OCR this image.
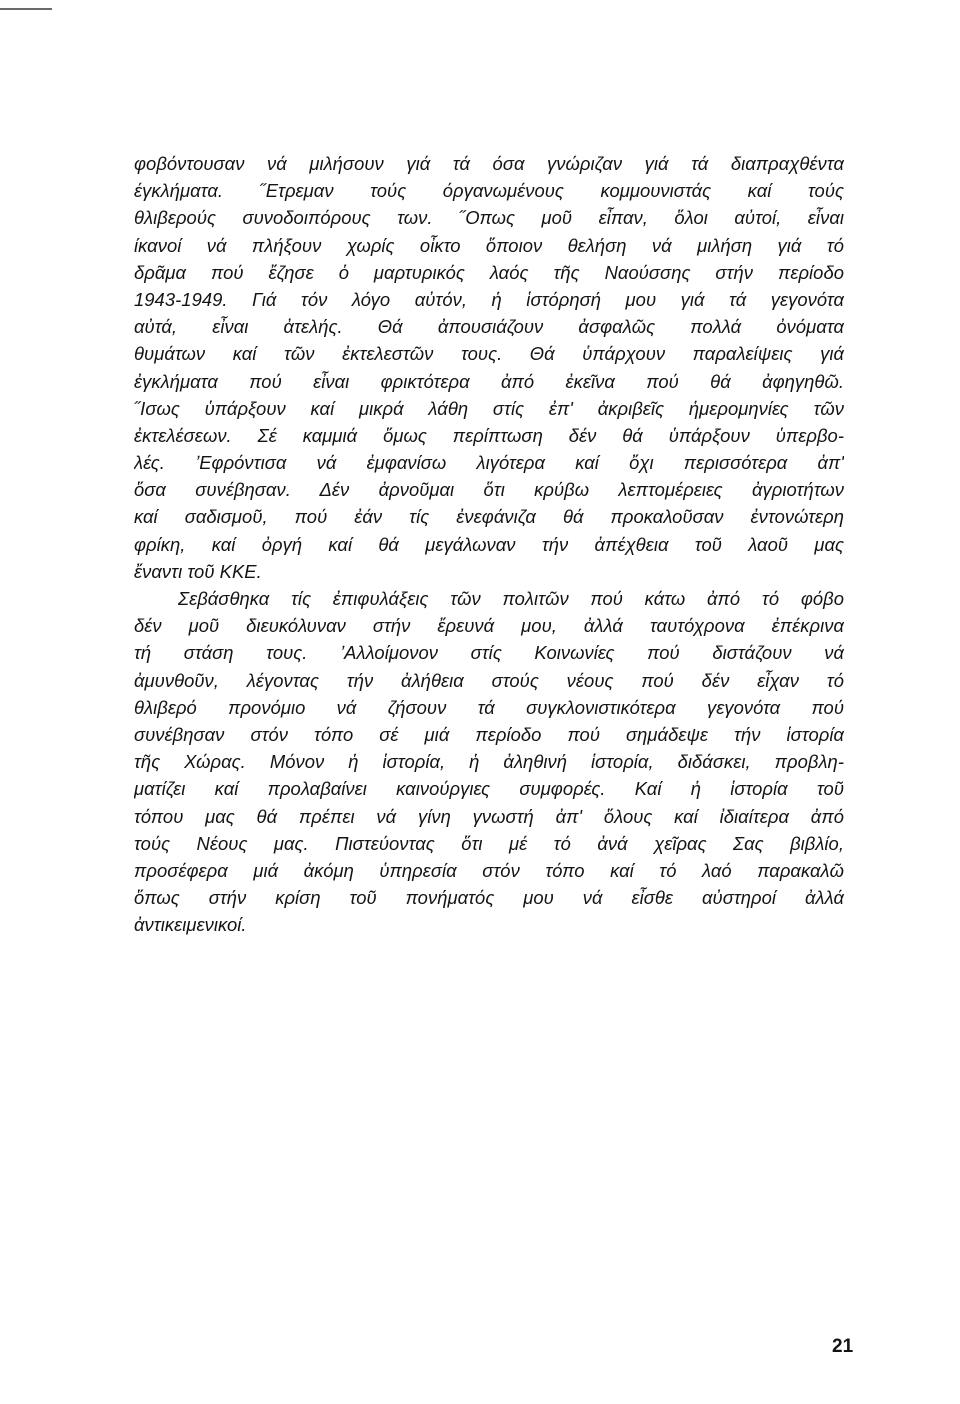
φοβόντουσαν νά μιλήσουν γιά τά όσα γνώριζαν γιά τά διαπραχθέντα
έγκλήματα. ˝Ετρεμαν τούς όργανωμένους κομμουνιστάς καί τούς
θλιβερούς συνοδοιπόρους των. ˝Οπως μοῦ εἶπαν, ὅλοι αὐτοί, εἶναι
ίκανοί νά πλήξουν χωρίς οἶκτο ὅποιον θελήση νά μιλήση γιά τό
δρᾶμα πού ἔζησε ὁ μαρτυρικός λαός τῆς Ναούσσης στήν περίοδο
1943-1949. Γιά τόν λόγο αὐτόν, ἡ ἱστόρησή μου γιά τά γεγονότα
αὐτά, εἶναι ἀτελής. Θά ἀπουσιάζουν ἀσφαλῶς πολλά ὀνόματα
θυμάτων καί τῶν ἐκτελεστῶν τους. Θά ὑπάρχουν παραλείψεις γιά
ἐγκλήματα πού εἶναι φρικτότερα ἀπό ἐκεῖνα πού θά ἀφηγηθῶ.
˝Ισως ὑπάρξουν καί μικρά λάθη στίς ἐπ' ἀκριβεῖς ἡμερομηνίες τῶν
ἐκτελέσεων. Σέ καμμιά ὅμως περίπτωση δέν θά ὑπάρξουν ὑπερβο-
λές. ʼΕφρόντισα νά ἐμφανίσω λιγότερα καί ὄχι περισσότερα ἀπ'
ὅσα συνέβησαν. Δέν ἀρνοῦμαι ὅτι κρύβω λεπτομέρειες ἀγριοτήτων
καί σαδισμοῦ, πού ἐάν τίς ἐνεφάνιζα θά προκαλοῦσαν ἐντονώτερη
φρίκη, καί ὀργή καί θά μεγάλωναν τήν ἀπέχθεια τοῦ λαοῦ μας
ἔναντι τοῦ ΚΚΕ.
Σεβάσθηκα τίς ἐπιφυλάξεις τῶν πολιτῶν πού κάτω ἀπό τό φόβο
δέν μοῦ διευκόλυναν στήν ἔρευνά μου, ἀλλά ταυτόχρονα ἐπέκρινα
τή στάση τους. ʼΑλλοίμονον στίς Κοινωνίες πού διστάζουν νά
ἀμυνθοῦν, λέγοντας τήν ἀλήθεια στούς νέους πού δέν εἶχαν τό
θλιβερό προνόμιο νά ζήσουν τά συγκλονιστικότερα γεγονότα πού
συνέβησαν στόν τόπο σέ μιά περίοδο πού σημάδεψε τήν ἱστορία
τῆς Χώρας. Μόνον ἡ ἱστορία, ἡ ἀληθινή ἱστορία, διδάσκει, προβλη-
ματίζει καί προλαβαίνει καινούργιες συμφορές. Καί ἡ ἱστορία τοῦ
τόπου μας θά πρέπει νά γίνη γνωστή ἀπ' ὅλους καί ἰδιαίτερα ἀπό
τούς Νέους μας. Πιστεύοντας ὅτι μέ τό ἀνά χεῖρας Σας βιβλίο,
προσέφερα μιά ἀκόμη ὑπηρεσία στόν τόπο καί τό λαό παρακαλῶ
ὅπως στήν κρίση τοῦ πονήματός μου νά εἶσθε αὐστηροί ἀλλά
ἀντικειμενικοί.
21
